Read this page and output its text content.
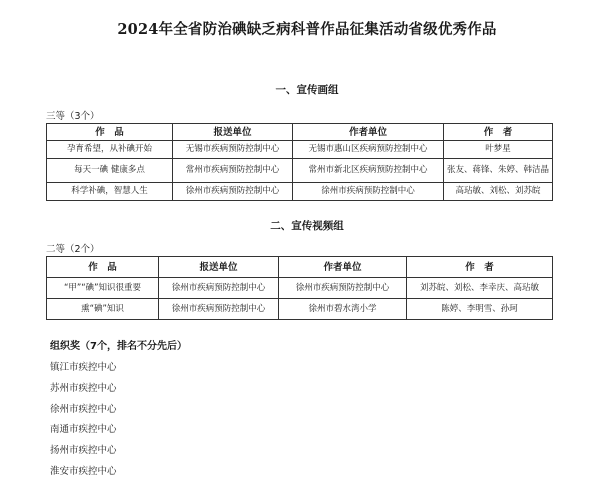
2024年全省防治碘缺乏病科普作品征集活动省级优秀作品
一、宣传画组
三等（3个）
作　品	报送单位	作者单位	作　者
孕育希望，从补碘开始	无锡市疾病预防控制中心	无锡市惠山区疾病预防控制中心	叶梦星
每天一碘 健康多点	常州市疾病预防控制中心	常州市新北区疾病预防控制中心	张友、蒋锋、朱婷、韩洁晶
科学补碘，智慧人生	徐州市疾病预防控制中心	徐州市疾病预防控制中心	高玷敏、刘松、刘苏皖
二、宣传视频组
二等（2个）
作　品	报送单位	作者单位	作　者
“甲”“碘”知识很重要	徐州市疾病预防控制中心	徐州市疾病预防控制中心	刘苏皖、刘松、李幸庆、高玷敏
熏“碘”知识	徐州市疾病预防控制中心	徐州市碧水湾小学	陈婷、李明雪、孙珂
组织奖（7个，排名不分先后）
镇江市疾控中心
苏州市疾控中心
徐州市疾控中心
南通市疾控中心
扬州市疾控中心
淮安市疾控中心
